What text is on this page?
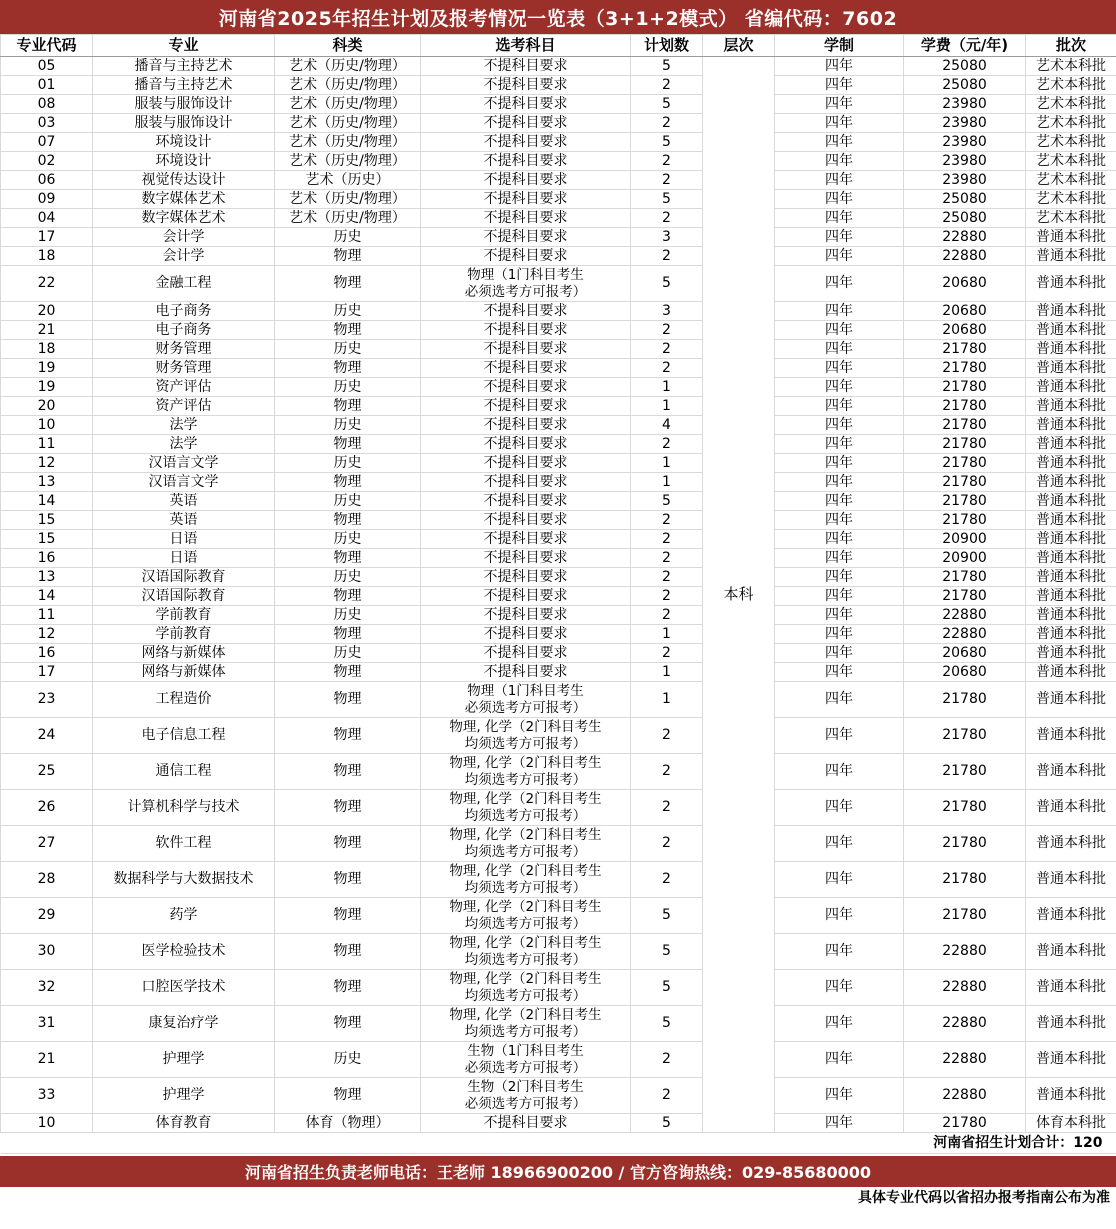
河南省2025年招生计划及报考情况一览表（3+1+2模式） 省编代码：7602
专业代码	专业	科类	选考科目	计划数	层次	学制	学费（元/年)	批次
05	播音与主持艺术	艺术（历史/物理）	不提科目要求	5	本科	四年	25080	艺术本科批
01	播音与主持艺术	艺术（历史/物理）	不提科目要求	2		四年	25080	艺术本科批
08	服装与服饰设计	艺术（历史/物理）	不提科目要求	5		四年	23980	艺术本科批
03	服装与服饰设计	艺术（历史/物理）	不提科目要求	2		四年	23980	艺术本科批
07	环境设计	艺术（历史/物理）	不提科目要求	5		四年	23980	艺术本科批
02	环境设计	艺术（历史/物理）	不提科目要求	2		四年	23980	艺术本科批
06	视觉传达设计	艺术（历史）	不提科目要求	2		四年	23980	艺术本科批
09	数字媒体艺术	艺术（历史/物理）	不提科目要求	5		四年	25080	艺术本科批
04	数字媒体艺术	艺术（历史/物理）	不提科目要求	2		四年	25080	艺术本科批
17	会计学	历史	不提科目要求	3		四年	22880	普通本科批
18	会计学	物理	不提科目要求	2		四年	22880	普通本科批
22	金融工程	物理	物理（1门科目考生
必须选考方可报考）	5		四年	20680	普通本科批
20	电子商务	历史	不提科目要求	3		四年	20680	普通本科批
21	电子商务	物理	不提科目要求	2		四年	20680	普通本科批
18	财务管理	历史	不提科目要求	2		四年	21780	普通本科批
19	财务管理	物理	不提科目要求	2		四年	21780	普通本科批
19	资产评估	历史	不提科目要求	1		四年	21780	普通本科批
20	资产评估	物理	不提科目要求	1		四年	21780	普通本科批
10	法学	历史	不提科目要求	4		四年	21780	普通本科批
11	法学	物理	不提科目要求	2		四年	21780	普通本科批
12	汉语言文学	历史	不提科目要求	1		四年	21780	普通本科批
13	汉语言文学	物理	不提科目要求	1		四年	21780	普通本科批
14	英语	历史	不提科目要求	5		四年	21780	普通本科批
15	英语	物理	不提科目要求	2		四年	21780	普通本科批
15	日语	历史	不提科目要求	2		四年	20900	普通本科批
16	日语	物理	不提科目要求	2		四年	20900	普通本科批
13	汉语国际教育	历史	不提科目要求	2		四年	21780	普通本科批
14	汉语国际教育	物理	不提科目要求	2		四年	21780	普通本科批
11	学前教育	历史	不提科目要求	2		四年	22880	普通本科批
12	学前教育	物理	不提科目要求	1		四年	22880	普通本科批
16	网络与新媒体	历史	不提科目要求	2		四年	20680	普通本科批
17	网络与新媒体	物理	不提科目要求	1		四年	20680	普通本科批
23	工程造价	物理	物理（1门科目考生
必须选考方可报考）	1		四年	21780	普通本科批
24	电子信息工程	物理	物理, 化学（2门科目考生
均须选考方可报考）	2		四年	21780	普通本科批
25	通信工程	物理	物理, 化学（2门科目考生
均须选考方可报考）	2		四年	21780	普通本科批
26	计算机科学与技术	物理	物理, 化学（2门科目考生
均须选考方可报考）	2		四年	21780	普通本科批
27	软件工程	物理	物理, 化学（2门科目考生
均须选考方可报考）	2		四年	21780	普通本科批
28	数据科学与大数据技术	物理	物理, 化学（2门科目考生
均须选考方可报考）	2		四年	21780	普通本科批
29	药学	物理	物理, 化学（2门科目考生
均须选考方可报考）	5		四年	21780	普通本科批
30	医学检验技术	物理	物理, 化学（2门科目考生
均须选考方可报考）	5		四年	22880	普通本科批
32	口腔医学技术	物理	物理, 化学（2门科目考生
均须选考方可报考）	5		四年	22880	普通本科批
31	康复治疗学	物理	物理, 化学（2门科目考生
均须选考方可报考）	5		四年	22880	普通本科批
21	护理学	历史	生物（1门科目考生
必须选考方可报考）	2		四年	22880	普通本科批
33	护理学	物理	生物（2门科目考生
必须选考方可报考）	2		四年	22880	普通本科批
10	体育教育	体育（物理）	不提科目要求	5		四年	21780	体育本科批
河南省招生计划合计：120								
河南省招生负责老师电话：王老师 18966900200 / 官方咨询热线：029-85680000
具体专业代码以省招办报考指南公布为准
